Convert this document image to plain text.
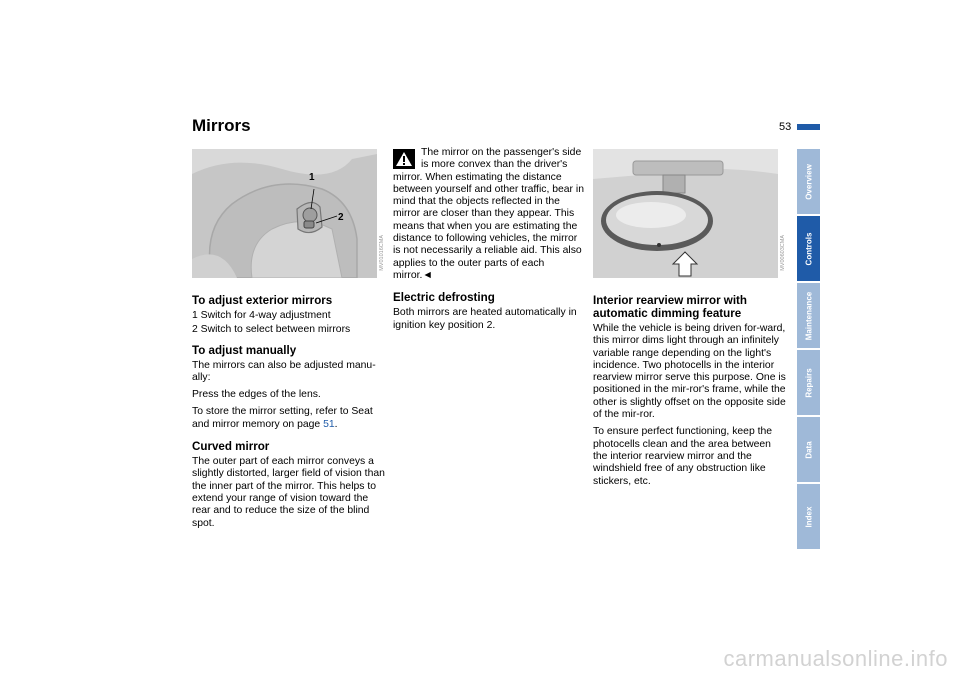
Mirrors	53
1
2
MV01016CMA	MV00603CMA
To adjust exterior mirrors

1 Switch for 4-way adjustment

2 Switch to select between mirrors

To adjust manually

The mirrors can also be adjusted manu-ally:

Press the edges of the lens.

To store the mirror setting, refer to Seat and mirror memory on page 51.

Curved mirror

The outer part of each mirror conveys a slightly distorted, larger field of vision than the inner part of the mirror. This helps to extend your range of vision toward the rear and to reduce the size of the blind spot.

The mirror on the passenger's side is more convex than the driver's mirror. When estimating the distance between yourself and other traffic, bear in mind that the objects reflected in the mirror are closer than they appear. This means that when you are estimating the distance to following vehicles, the mirror is not necessarily a reliable aid. This also applies to the outer parts of each mirror.◄

Electric defrosting

Both mirrors are heated automatically in ignition key position 2.

Interior rearview mirror with automatic dimming feature

While the vehicle is being driven for-ward, this mirror dims light through an infinitely variable range depending on the light's incidence. Two photocells in the interior rearview mirror serve this purpose. One is positioned in the mir-ror's frame, while the other is slightly offset on the opposite side of the mir-ror.

To ensure perfect functioning, keep the photocells clean and the area between the interior rearview mirror and the windshield free of any obstruction like stickers, etc.

Overview
Controls
Maintenance
Repairs
Data
Index
carmanualsonline.info
